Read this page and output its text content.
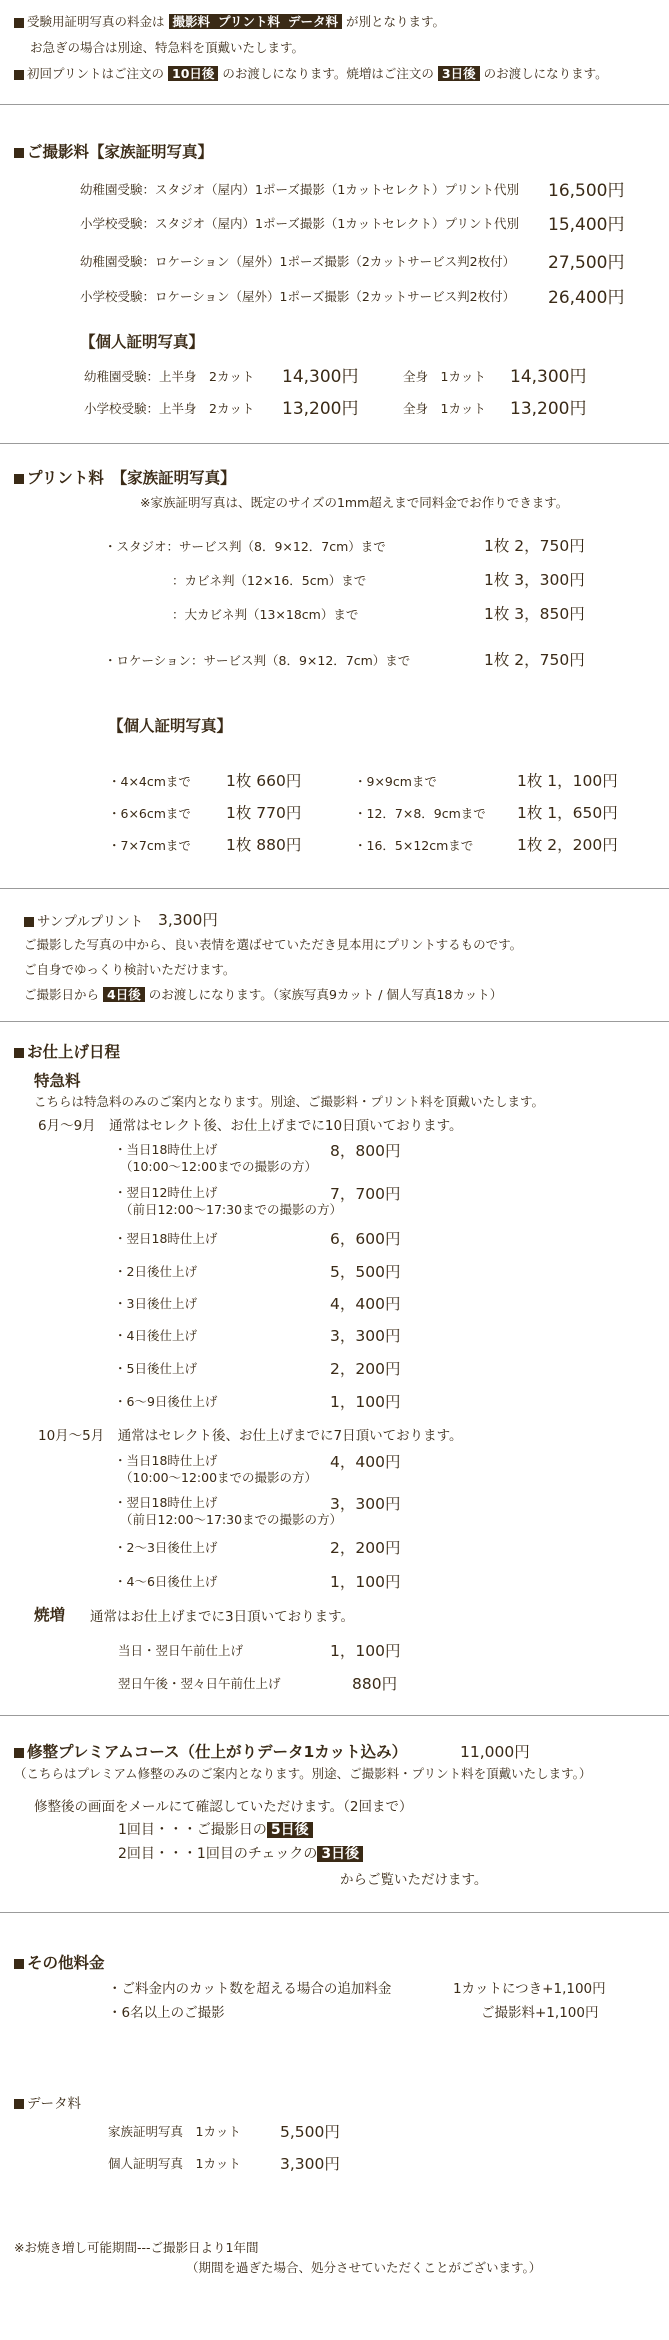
受験用証明写真の料金は 撮影料 プリント料 データ料 が別となります。
お急ぎの場合は別途、特急料を頂戴いたします。
初回プリントはご注文の 10日後 のお渡しになります。焼増はご注文の 3日後 のお渡しになります。
ご撮影料【家族証明写真】
幼稚園受験：スタジオ（屋内）1ポーズ撮影（1カットセレクト）プリント代別 16,500円
小学校受験：スタジオ（屋内）1ポーズ撮影（1カットセレクト）プリント代別 15,400円
幼稚園受験：ロケーション（屋外）1ポーズ撮影（2カットサービス判2枚付） 27,500円
小学校受験：ロケーション（屋外）1ポーズ撮影（2カットサービス判2枚付） 26,400円
【個人証明写真】
幼稚園受験：上半身　2カット 14,300円	全身　1カット 14,300円
小学校受験：上半身　2カット 13,200円	全身　1カット 13,200円
プリント料　【家族証明写真】
※家族証明写真は、既定のサイズの1mm超えまで同料金でお作りできます。
・スタジオ：サービス判（8．9×12．7cm）まで	1枚 2，750円
：カビネ判（12×16．5cm）まで	1枚 3，300円
：大カビネ判（13×18cm）まで	1枚 3，850円
・ロケーション：サービス判（8．9×12．7cm）まで	1枚 2，750円
【個人証明写真】
・4×4cmまで 1枚 660円	・9×9cmまで	1枚 1，100円
・6×6cmまで 1枚 770円	・12．7×8．9cmまで 1枚 1，650円
・7×7cmまで 1枚 880円	・16．5×12cmまで	1枚 2，200円
サンプルプリント 3,300円
ご撮影した写真の中から、良い表情を選ばせていただき見本用にプリントするものです。
ご自身でゆっくり検討いただけます。
ご撮影日から 4日後 のお渡しになります。（家族写真9カット / 個人写真18カット）
お仕上げ日程
特急料
こちらは特急料のみのご案内となります。別途、ご撮影料・プリント料を頂戴いたします。
6月～9月　通常はセレクト後、お仕上げまでに10日頂いております。
・当日18時仕上げ
（10:00～12:00までの撮影の方）
8，800円
・翌日12時仕上げ
（前日12:00～17:30までの撮影の方）
7，700円
・翌日18時仕上げ	6，600円
・2日後仕上げ	5，500円
・3日後仕上げ	4，400円
・4日後仕上げ	3，300円
・5日後仕上げ	2，200円
・6～9日後仕上げ	1，100円
10月～5月　通常はセレクト後、お仕上げまでに7日頂いております。
・当日18時仕上げ
（10:00～12:00までの撮影の方）
4，400円
・翌日18時仕上げ
（前日12:00～17:30までの撮影の方）
3，300円
・2～3日後仕上げ	2，200円
・4～6日後仕上げ	1，100円
焼増 通常はお仕上げまでに3日頂いております。
当日・翌日午前仕上げ	1，100円
翌日午後・翌々日午前仕上げ	880円
修整プレミアムコース（仕上がりデータ1カット込み）	11,000円
（こちらはプレミアム修整のみのご案内となります。別途、ご撮影料・プリント料を頂戴いたします。）
修整後の画面をメールにて確認していただけます。（2回まで）
1回目・・・ご撮影日の 5日後
2回目・・・1回目のチェックの 3日後
からご覧いただけます。
その他料金
・ご料金内のカット数を超える場合の追加料金	1カットにつき+1,100円
・6名以上のご撮影	ご撮影料+1,100円
データ料
家族証明写真　1カット	5,500円
個人証明写真　1カット	3,300円
※お焼き増し可能期間---ご撮影日より1年間
（期間を過ぎた場合、処分させていただくことがございます。）
